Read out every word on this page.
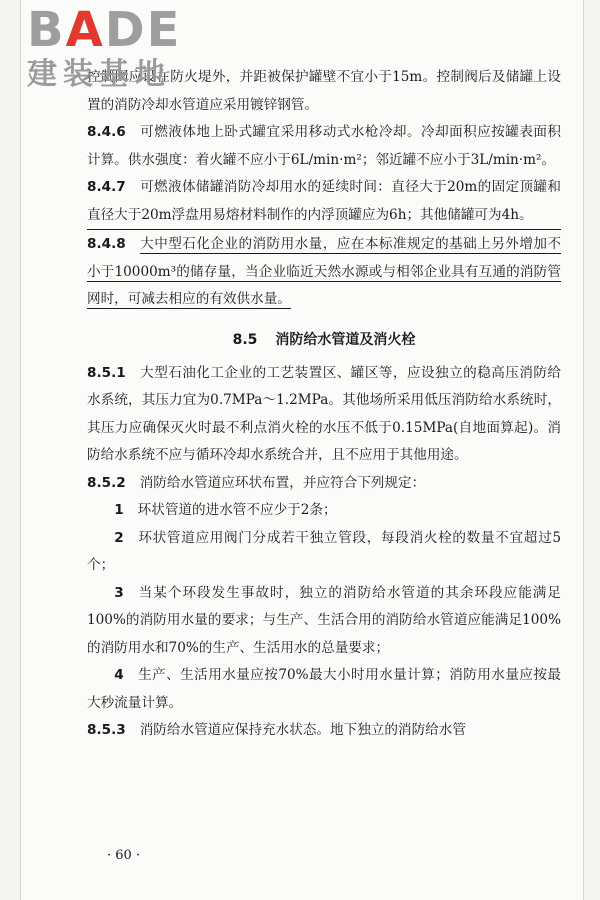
BADE
建装基地

控制阀应设在防火堤外，并距被保护罐壁不宜小于15m。控制阀后及储罐上设置的消防冷却水管道应采用镀锌钢管。

8.4.6 可燃液体地上卧式罐宜采用移动式水枪冷却。冷却面积应按罐表面积计算。供水强度：着火罐不应小于6L/min·m²；邻近罐不应小于3L/min·m²。

8.4.7 可燃液体储罐消防冷却用水的延续时间：直径大于20m的固定顶罐和直径大于20m浮盘用易熔材料制作的内浮顶罐应为6h；其他储罐可为4h。

8.4.8 大中型石化企业的消防用水量，应在本标准规定的基础上另外增加不小于10000m³的储存量，当企业临近天然水源或与相邻企业具有互通的消防管网时，可减去相应的有效供水量。

8.5 消防给水管道及消火栓

8.5.1 大型石油化工企业的工艺装置区、罐区等，应设独立的稳高压消防给水系统，其压力宜为0.7MPa～1.2MPa。其他场所采用低压消防给水系统时，其压力应确保灭火时最不利点消火栓的水压不低于0.15MPa(自地面算起)。消防给水系统不应与循环冷却水系统合并，且不应用于其他用途。

8.5.2 消防给水管道应环状布置，并应符合下列规定：

1 环状管道的进水管不应少于2条；

2 环状管道应用阀门分成若干独立管段，每段消火栓的数量不宜超过5个；

3 当某个环段发生事故时，独立的消防给水管道的其余环段应能满足100%的消防用水量的要求；与生产、生活合用的消防给水管道应能满足100%的消防用水和70%的生产、生活用水的总量要求；

4 生产、生活用水量应按70%最大小时用水量计算；消防用水量应按最大秒流量计算。

8.5.3 消防给水管道应保持充水状态。地下独立的消防给水管

· 60 ·
